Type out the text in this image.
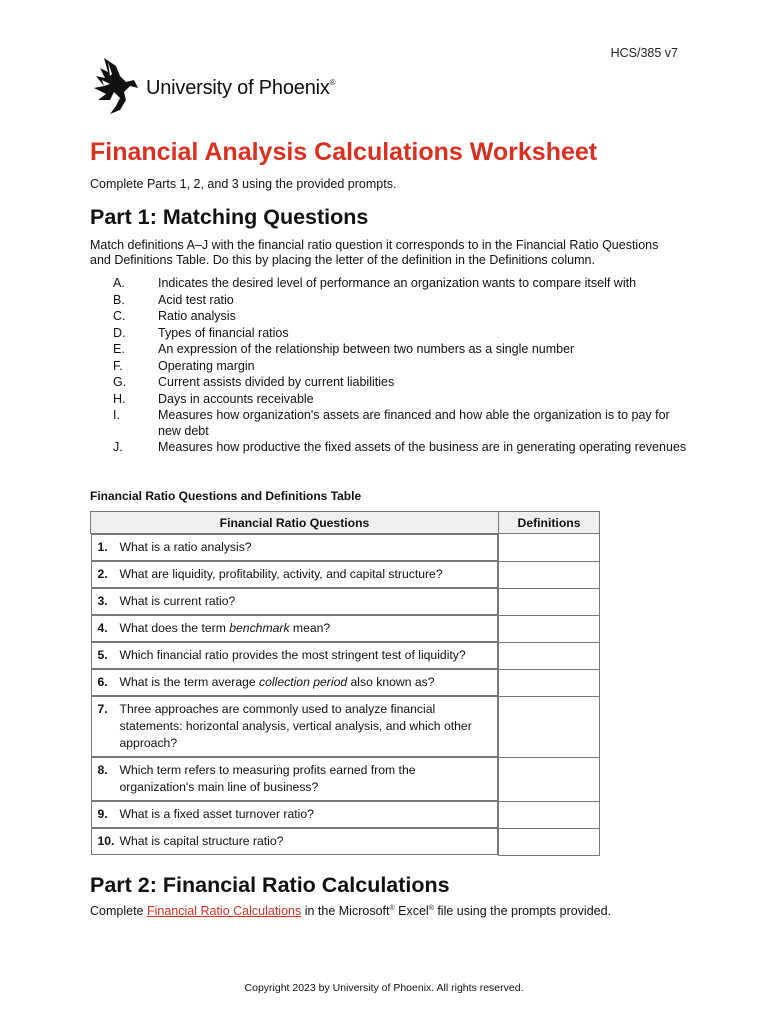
HCS/385 v7
University of Phoenix®
Financial Analysis Calculations Worksheet

Complete Parts 1, 2, and 3 using the provided prompts.

Part 1: Matching Questions

Match definitions A–J with the financial ratio question it corresponds to in the Financial Ratio Questions and Definitions Table. Do this by placing the letter of the definition in the Definitions column.

A.	Indicates the desired level of performance an organization wants to compare itself with
B.	Acid test ratio
C.	Ratio analysis
D.	Types of financial ratios
E.	An expression of the relationship between two numbers as a single number
F.	Operating margin
G.	Current assists divided by current liabilities
H.	Days in accounts receivable
I.	Measures how organization's assets are financed and how able the organization is to pay for new debt
J.	Measures how productive the fixed assets of the business are in generating operating revenues

Financial Ratio Questions and Definitions Table

Financial Ratio Questions	Definitions

1. What is a ratio analysis?

2. What are liquidity, profitability, activity, and capital structure?

3. What is current ratio?

4. What does the term benchmark mean?

5. Which financial ratio provides the most stringent test of liquidity?

6. What is the term average collection period also known as?

7. Three approaches are commonly used to analyze financial statements: horizontal analysis, vertical analysis, and which other approach?

8. Which term refers to measuring profits earned from the organization's main line of business?

9. What is a fixed asset turnover ratio?

10. What is capital structure ratio?
Part 2: Financial Ratio Calculations

Complete Financial Ratio Calculations in the Microsoft® Excel® file using the prompts provided.

Copyright 2023 by University of Phoenix. All rights reserved.
